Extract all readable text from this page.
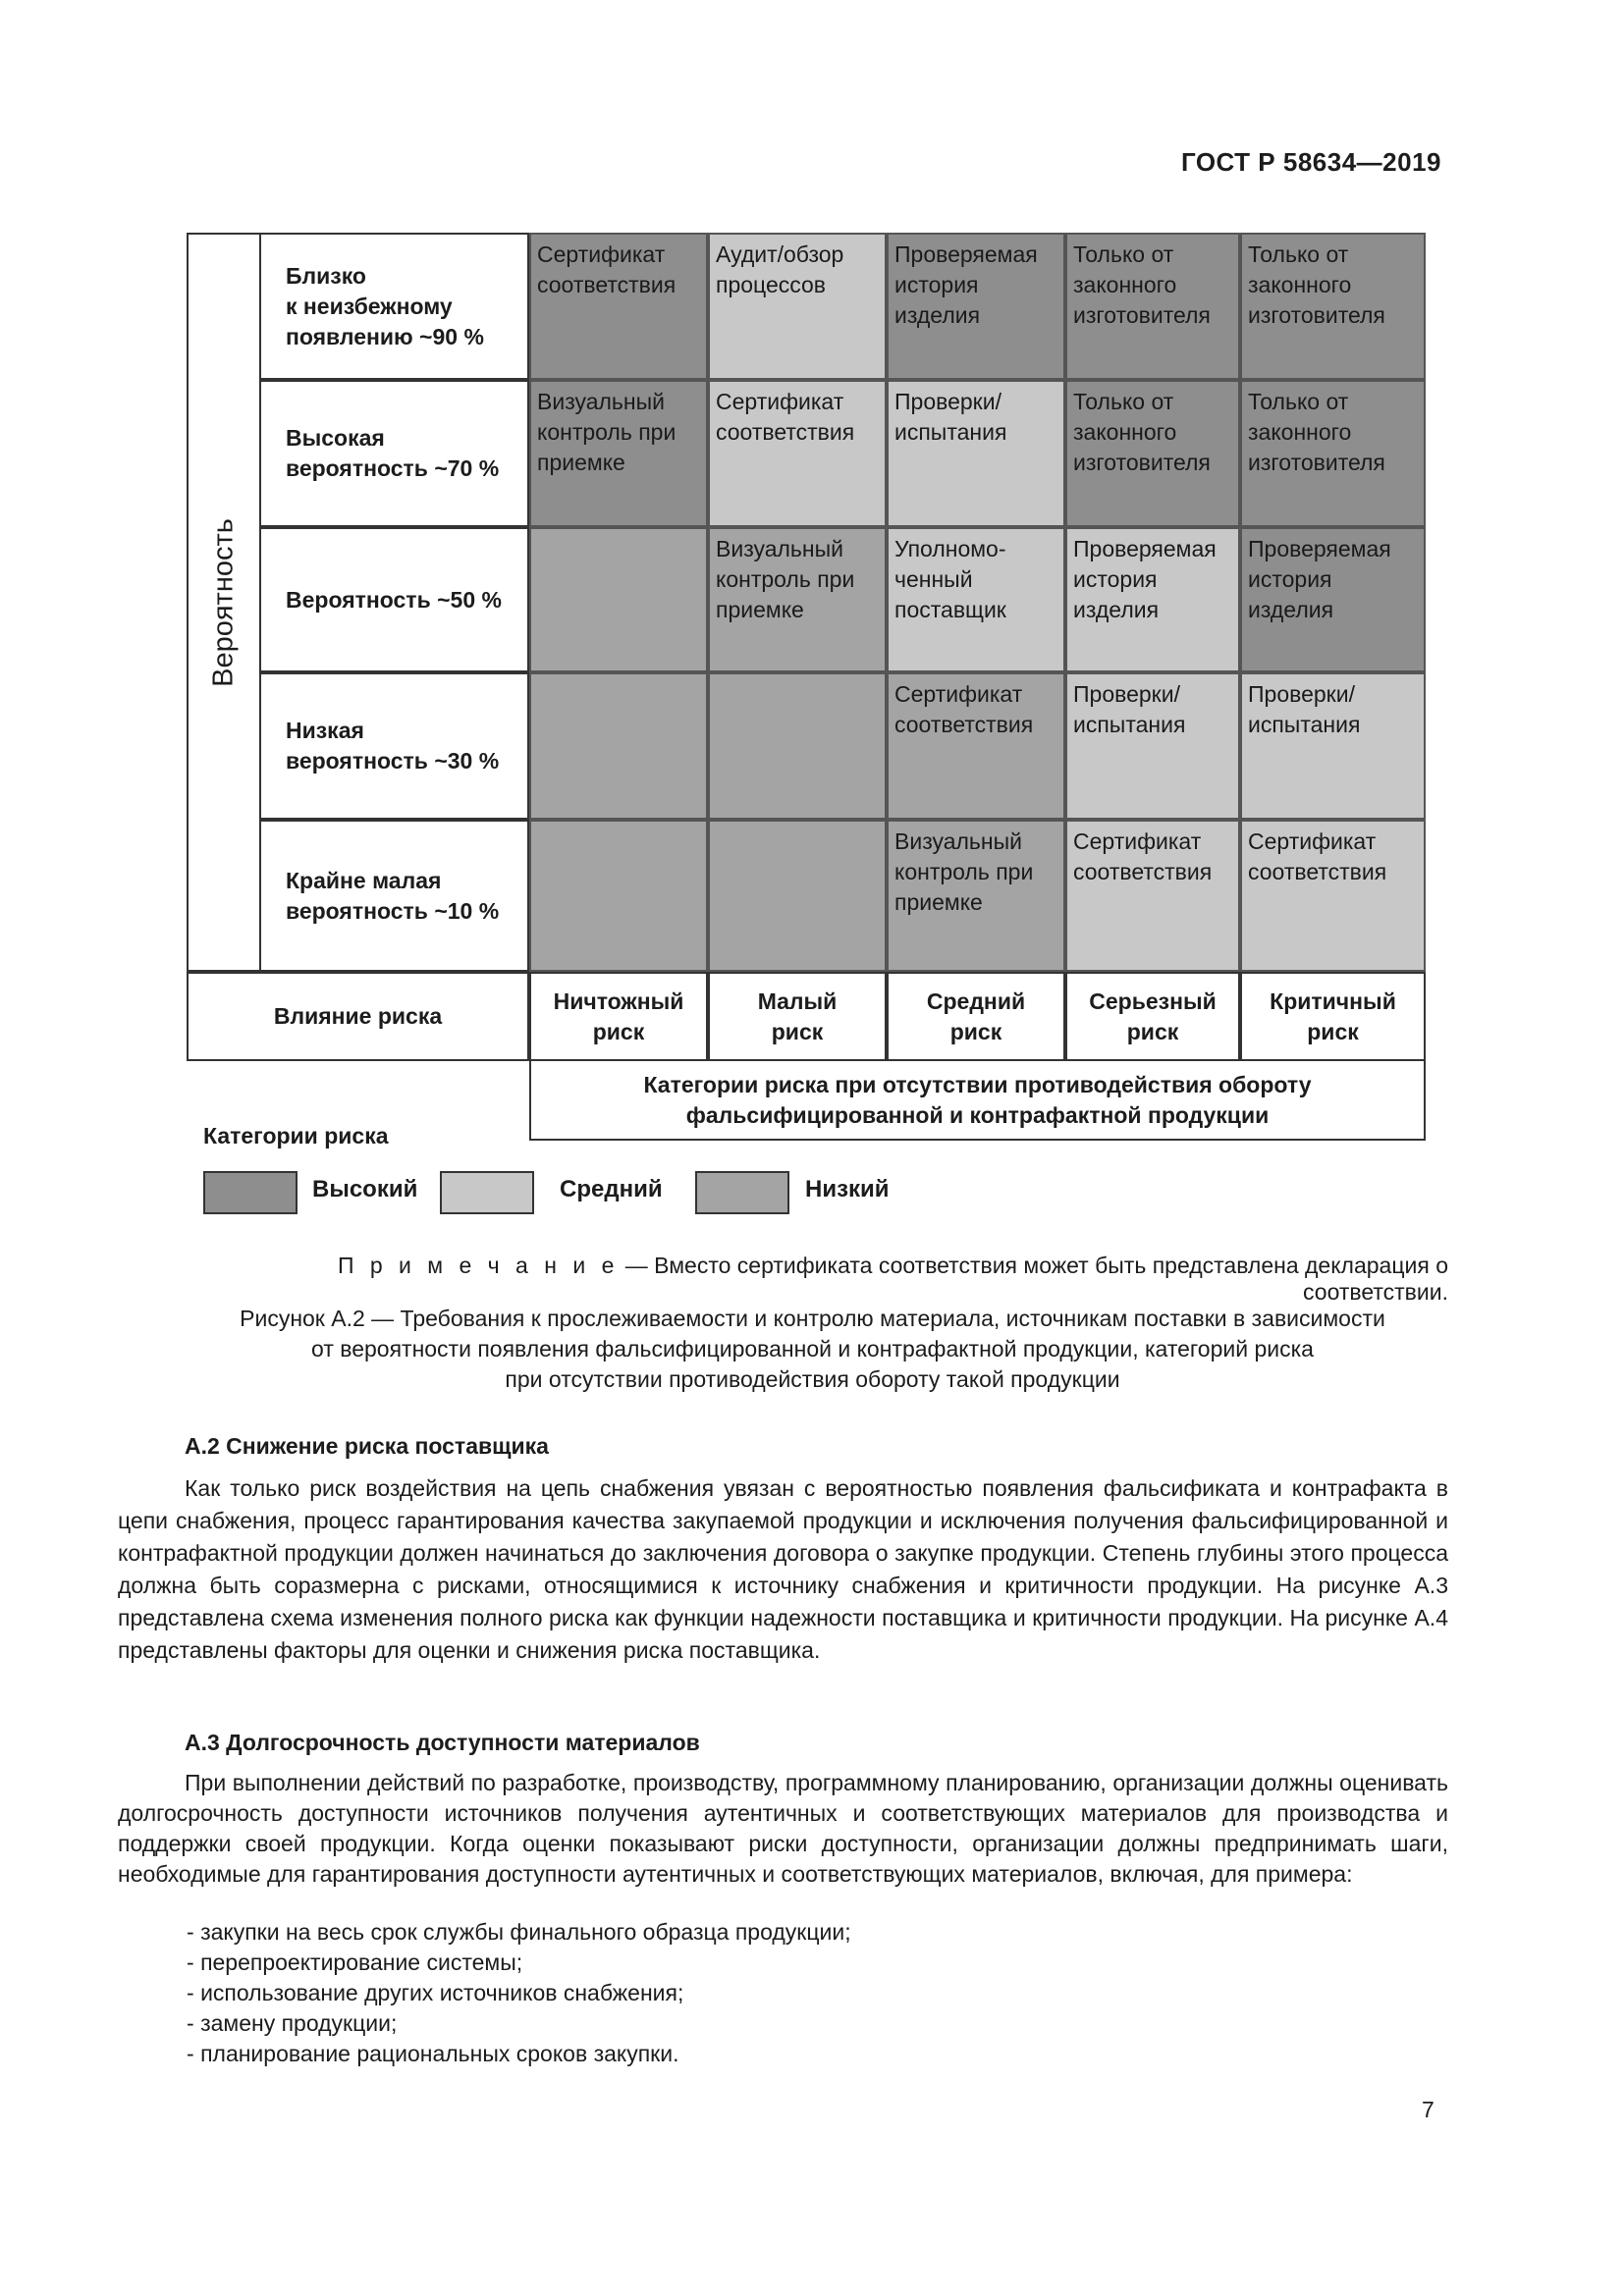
ГОСТ Р 58634—2019
Вероятность
Близко
к неизбежному
появлению ~90 %
Сертификат
соответствия
Аудит/обзор
процессов
Проверяемая
история
изделия
Только от
законного
изготовителя
Только от
законного
изготовителя
Высокая
вероятность ~70 %
Визуальный
контроль при
приемке
Сертификат
соответствия
Проверки/
испытания
Только от
законного
изготовителя
Только от
законного
изготовителя
Вероятность ~50 %
Визуальный
контроль при
приемке
Уполномо-
ченный
поставщик
Проверяемая
история
изделия
Проверяемая
история
изделия
Низкая
вероятность ~30 %
Сертификат
соответствия
Проверки/
испытания
Проверки/
испытания
Крайне малая
вероятность ~10 %
Визуальный
контроль при
приемке
Сертификат
соответствия
Сертификат
соответствия
Влияние риска
Ничтожный
риск
Малый
риск
Средний
риск
Серьезный
риск
Критичный
риск
Категории риска при отсутствии противодействия обороту
фальсифицированной и контрафактной продукции
Категории риска
Высокий	Средний	Низкий
П р и м е ч а н и е — Вместо сертификата соответствия может быть представлена декларация о соответствии.
Рисунок А.2 — Требования к прослеживаемости и контролю материала, источникам поставки в зависимости
от вероятности появления фальсифицированной и контрафактной продукции, категорий риска
при отсутствии противодействия обороту такой продукции
А.2 Снижение риска поставщика

Как только риск воздействия на цепь снабжения увязан с вероятностью появления фальсификата и контрафакта в цепи снабжения, процесс гарантирования качества закупаемой продукции и исключения получения фальсифицированной и контрафактной продукции должен начинаться до заключения договора о закупке продукции. Степень глубины этого процесса должна быть соразмерна с рисками, относящимися к источнику снабжения и критичности продукции. На рисунке А.3 представлена схема изменения полного риска как функции надежности поставщика и критичности продукции. На рисунке А.4 представлены факторы для оценки и снижения риска поставщика.

А.3 Долгосрочность доступности материалов

При выполнении действий по разработке, производству, программному планированию, организации должны оценивать долгосрочность доступности источников получения аутентичных и соответствующих материалов для производства и поддержки своей продукции. Когда оценки показывают риски доступности, организации должны предпринимать шаги, необходимые для гарантирования доступности аутентичных и соответствующих материалов, включая, для примера:

- закупки на весь срок службы финального образца продукции;
- перепроектирование системы;
- использование других источников снабжения;
- замену продукции;
- планирование рациональных сроков закупки.
7
